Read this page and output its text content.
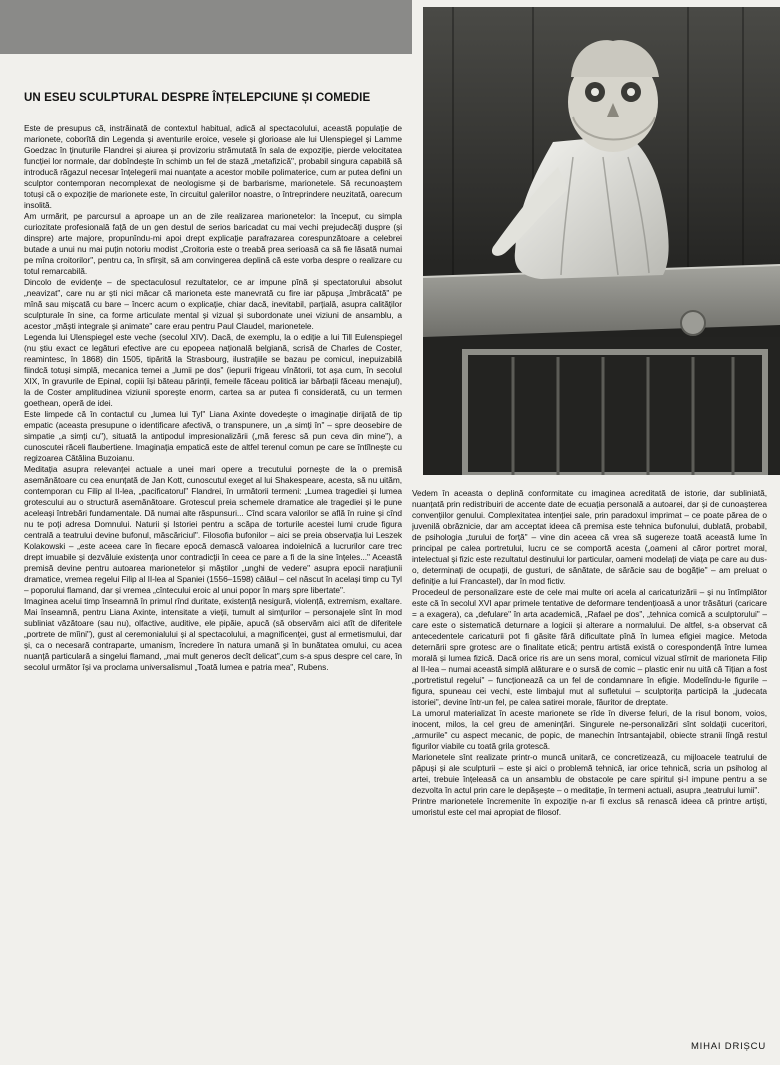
UN ESEU SCULPTURAL DESPRE ÎNȚELEPCIUNE ȘI COMEDIE

Este de presupus că, instrăinată de contextul habitual, adică al spectacolului, această populație de marionete, coborîtă din Legenda și aventurile eroice, vesele și glorioase ale lui Ulenspiegel și Lamme Goedzac în ținuturile Flandrei și aiurea și provizoriu strămutată în sala de expoziție, pierde velocitatea funcției lor normale, dar dobîndește în schimb un fel de stază „metafizică", probabil singura capabilă să introducă răgazul necesar înțelegerii mai nuanțate a acestor mobile polimaterice, cum ar putea defini un sculptor contemporan necomplexat de neologisme și de barbarisme, marionetele. Să recunoaștem totuși că o expoziție de marionete este, în circuitul galeriilor noastre, o întreprindere neuzitată, oarecum insolită.

Am urmărit, pe parcursul a aproape un an de zile realizarea marionetelor: la început, cu simpla curiozitate profesională față de un gen destul de serios baricadat cu mai vechi prejudecăți dușpre (și dinspre) arte majore, propunîndu-mi apoi drept explicație parafrazarea corespunzătoare a celebrei butade a unui nu mai puțin notoriu modist „Croitoria este o treabă prea serioasă ca să fie lăsată numai pe mîna croitorilor", pentru ca, în sfîrșit, să am convingerea deplină că este vorba despre o realizare cu totul remarcabilă.

Dincolo de evidențe – de spectaculosul rezultatelor, ce ar impune pînă și spectatorului absolut „neavizat", care nu ar ști nici măcar că marioneta este manevrată cu fire iar păpușa „îmbrăcată" pe mînă sau mișcată cu bare – încerc acum o explicație, chiar dacă, inevitabil, parțială, asupra calităților sculpturale în sine, ca forme articulate mental și vizual și subordonate unei viziuni de ansamblu, a acestor „măști integrale și animate" care erau pentru Paul Claudel, marionetele.

Legenda lui Ulenspiegel este veche (secolul XIV). Dacă, de exemplu, la o ediție a lui Till Eulenspiegel (nu știu exact ce legături efective are cu epopeea națională belgiană, scrisă de Charles de Coster, reamintesc, în 1868) din 1505, tipărită la Strasbourg, ilustrațiile se bazau pe comicul, inepuizabilă fiindcă totuși simplă, mecanica temei a „lumii pe dos" (iepurii frigeau vînătorii, tot așa cum, în secolul XIX, în gravurile de Epinal, copiii își băteau părinții, femeile făceau politică iar bărbații făceau menajul), la de Coster amplitudinea viziunii sporește enorm, cartea sa ar putea fi considerată, cu un termen goethean, operă de idei.

Este limpede că în contactul cu „lumea lui Tyl" Liana Axinte dovedește o imaginație dirijată de tip empatic (aceasta presupune o identificare afectivă, o transpunere, un „a simți în" – spre deosebire de simpatie „a simți cu"), situată la antipodul impresionalizării („mă feresc să pun ceva din mine"), a cunoscutei răceli flaubertiene. Imaginația empatică este de altfel terenul comun pe care se întîlnește cu regizoarea Cătălina Buzoianu.

Meditația asupra relevanței actuale a unei mari opere a trecutului pornește de la o premisă asemănătoare cu cea enunțată de Jan Kott, cunoscutul exeget al lui Shakespeare, acesta, să nu uităm, contemporan cu Filip al II-lea, „pacificatorul" Flandrei, în următorii termeni: „Lumea tragediei și lumea grotescului au o structură asemănătoare. Grotescul preia schemele dramatice ale tragediei și le pune aceleași întrebări fundamentale. Dă numai alte răspunsuri... Cînd scara valorilor se află în ruine și cînd nu te poți adresa Domnului. Naturii și Istoriei pentru a scăpa de torturile acestei lumi crude figura centrală a teatrului devine bufonul, măscăriciul". Filosofia bufonilor – aici se preia observația lui Leszek Kolakowski – „este aceea care în fiecare epocă demască valoarea indoielnică a lucrurilor care trec drept imuabile și dezvăluie existența unor contradicții în ceea ce pare a fi de la sine înțeles..." Această premisă devine pentru autoarea marionetelor și măștilor „unghi de vedere" asupra epocii narațiunii dramatice, vremea regelui Filip al II-lea al Spaniei (1556–1598) călăul – cel născut în același timp cu Tyl – poporului flamand, dar și vremea „cîntecului eroic al unui popor în marș spre libertate".

Imaginea acelui timp înseamnă în primul rînd duritate, existență nesigură, violență, extremism, exaltare. Mai înseamnă, pentru Liana Axinte, intensitate a vieții, tumult al simțurilor – personajele sînt în mod subliniat văzătoare (sau nu), olfactive, auditive, ele pipăie, apucă (să observăm aici atît de diferitele „portrete de mîini"), gust al ceremonialului și al spectacolului, a magnificenței, gust al ermetismului, dar și, ca o necesară contraparte, umanism, încredere în natura umană și în bunătatea omului, cu acea nuanță particulară a singelui flamand, „mai mult generos decît delicat",cum s-a spus despre cel care, în secolul următor își va proclama universalismul „Toată lumea e patria mea", Rubens.

Vedem în aceasta o deplină conformitate cu imaginea acreditată de istorie, dar subliniată, nuanțată prin redistribuiri de accente date de ecuația personală a autoarei, dar și de cunoașterea convențiilor genului. Complexitatea intenției sale, prin paradoxul imprimat – ce poate părea de o juvenilă obrăznicie, dar am acceptat ideea că premisa este tehnica bufonului, dublată, probabil, de psihologia „turului de forță" – vine din aceea că vrea să sugereze toată această lume în principal pe calea portretului, lucru ce se comportă acesta („oameni al căror portret moral, intelectual și fizic este rezultatul destinului lor particular, oameni modelați de viața pe care au dus-o, determinați de ocupații, de gusturi, de sănătate, de sărăcie sau de bogăție" – am preluat o definiție a lui Francastel), dar în mod fictiv.

Procedeul de personalizare este de cele mai multe ori acela al caricaturizării – și nu întîmplător este că în secolul XVI apar primele tentative de deformare tendențioasă a unor trăsături (caricare = a exagera), ca „defulare" în arta academică, „Rafael pe dos", „tehnica comică a sculptorului" – care este o sistematică deturnare a logicii și alterare a normalului. De altfel, s-a observat că antecedentele caricaturii pot fi găsite fără dificultate pînă în lumea efigiei magice. Metoda deternării spre grotesc are o finalitate etică; pentru artistă există o corespondență între lumea morală și lumea fizică. Dacă orice ris are un sens moral, comicul vizual stîrnit de marioneta Filip al II-lea – numai această simplă alăturare e o sursă de comic – plastic enir nu uită că Tițian a fost „portretistul regelui" – funcționează ca un fel de condamnare în efigie. Modelîndu-le figurile – figura, spuneau cei vechi, este limbajul mut al sufletului – sculptorița participă la „judecata istoriei", devine într-un fel, pe calea satirei morale, făuritor de dreptate.

La umorul materializat în aceste marionete se rîde în diverse feluri, de la risul bonom, voios, inocent, milos, la cel greu de amenințări. Singurele ne-personalizări sînt soldații cuceritori, „armurile" cu aspect mecanic, de popic, de manechin întrsantajabil, obiecte stranii lîngă restul figurilor viabile cu toată grila grotescă.

Marionetele sînt realizate printr-o muncă unitară, ce concretizează, cu mijloacele teatrului de păpuși și ale sculpturii – este și aici o problemă tehnică, iar orice tehnică, scria un psiholog al artei, trebuie înțeleasă ca un ansamblu de obstacole pe care spiritul și-l impune pentru a se dezvolta în actul prin care le depășește – o meditație, în termeni actuali, asupra „teatrului lumii".

Printre marionetele încremenite în expoziție n-ar fi exclus să renască ideea că printre artiști, umoristul este cel mai apropiat de filosof.

MIHAI DRIȘCU
